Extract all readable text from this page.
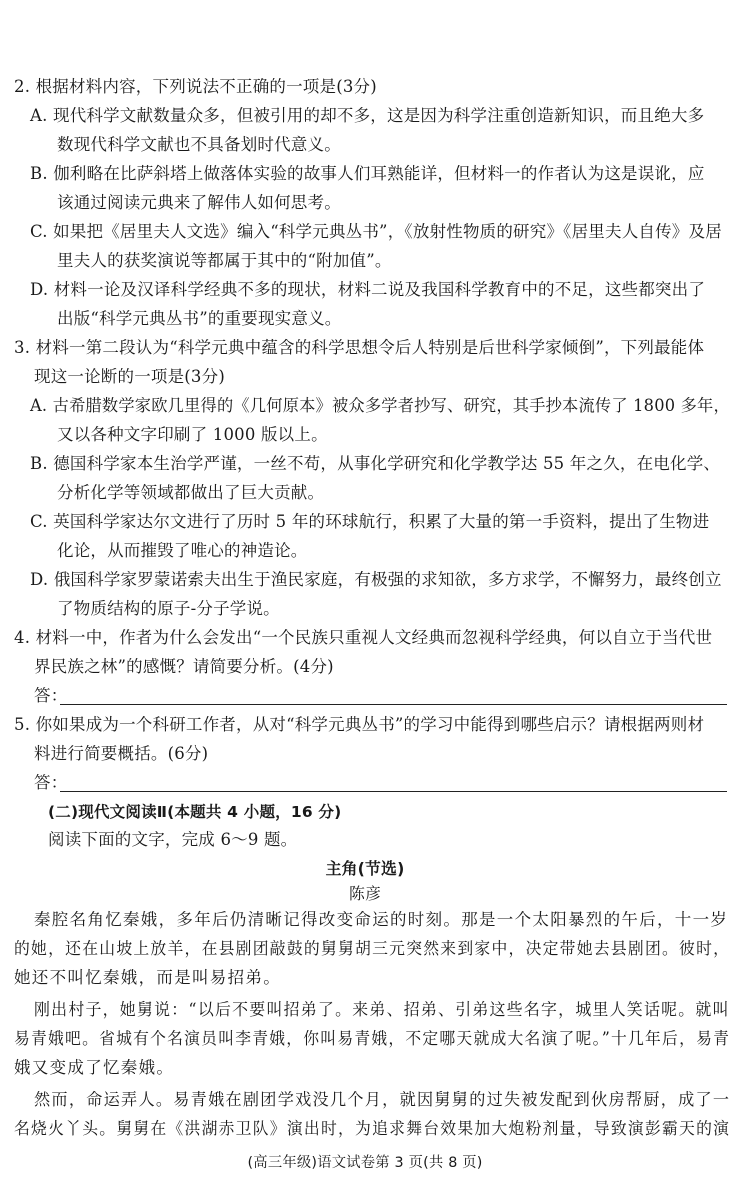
2. 根据材料内容，下列说法不正确的一项是(3分)
A. 现代科学文献数量众多，但被引用的却不多，这是因为科学注重创造新知识，而且绝大多
数现代科学文献也不具备划时代意义。
B. 伽利略在比萨斜塔上做落体实验的故事人们耳熟能详，但材料一的作者认为这是误讹，应
该通过阅读元典来了解伟人如何思考。
C. 如果把《居里夫人文选》编入“科学元典丛书”，《放射性物质的研究》《居里夫人自传》及居
里夫人的获奖演说等都属于其中的“附加值”。
D. 材料一论及汉译科学经典不多的现状，材料二说及我国科学教育中的不足，这些都突出了
出版“科学元典丛书”的重要现实意义。
3. 材料一第二段认为“科学元典中蕴含的科学思想令后人特别是后世科学家倾倒”，下列最能体
现这一论断的一项是(3分)
A. 古希腊数学家欧几里得的《几何原本》被众多学者抄写、研究，其手抄本流传了 1800 多年，
又以各种文字印刷了 1000 版以上。
B. 德国科学家本生治学严谨，一丝不苟，从事化学研究和化学教学达 55 年之久，在电化学、
分析化学等领域都做出了巨大贡献。
C. 英国科学家达尔文进行了历时 5 年的环球航行，积累了大量的第一手资料，提出了生物进
化论，从而摧毁了唯心的神造论。
D. 俄国科学家罗蒙诺索夫出生于渔民家庭，有极强的求知欲，多方求学，不懈努力，最终创立
了物质结构的原子-分子学说。
4. 材料一中，作者为什么会发出“一个民族只重视人文经典而忽视科学经典，何以自立于当代世
界民族之林”的感慨？请简要分析。(4分)
答：
5. 你如果成为一个科研工作者，从对“科学元典丛书”的学习中能得到哪些启示？请根据两则材
料进行简要概括。(6分)
答：
(二)现代文阅读Ⅱ(本题共 4 小题，16 分)
阅读下面的文字，完成 6～9 题。
主角(节选)
陈彦
秦腔名角忆秦娥，多年后仍清晰记得改变命运的时刻。那是一个太阳暴烈的午后，十一岁
的她，还在山坡上放羊，在县剧团敲鼓的舅舅胡三元突然来到家中，决定带她去县剧团。彼时，
她还不叫忆秦娥，而是叫易招弟。
刚出村子，她舅说：“以后不要叫招弟了。来弟、招弟、引弟这些名字，城里人笑话呢。就叫
易青娥吧。省城有个名演员叫李青娥，你叫易青娥，不定哪天就成大名演了呢。”十几年后，易青
娥又变成了忆秦娥。
然而，命运弄人。易青娥在剧团学戏没几个月，就因舅舅的过失被发配到伙房帮厨，成了一
名烧火丫头。舅舅在《洪湖赤卫队》演出时，为追求舞台效果加大炮粉剂量，导致演彭霸天的演
(高三年级)语文试卷第 3 页(共 8 页)
